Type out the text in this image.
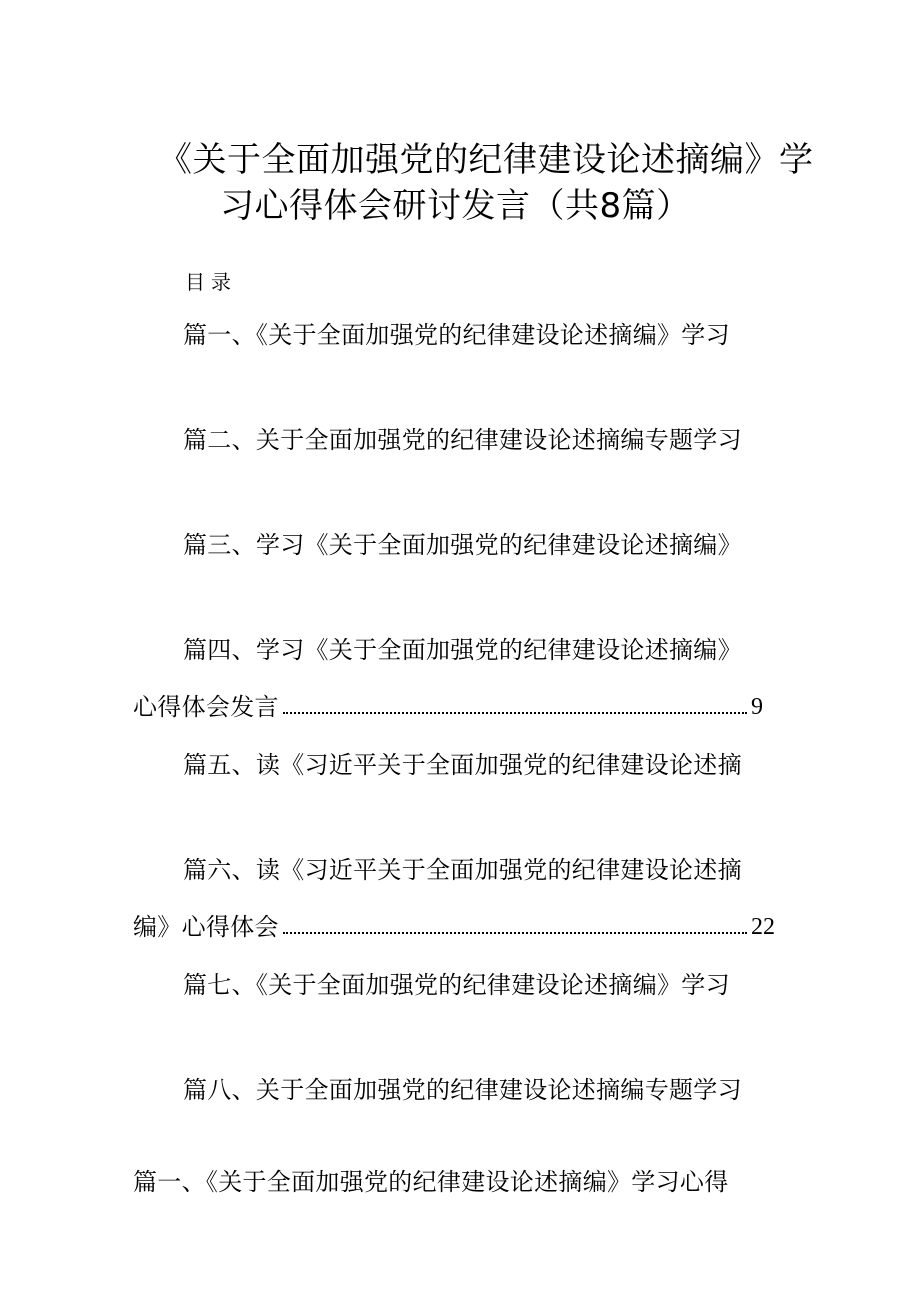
《关于全面加强党的纪律建设论述摘编》学
习心得体会研讨发言（共8篇）
目录
篇一、《关于全面加强党的纪律建设论述摘编》学习
篇二、关于全面加强党的纪律建设论述摘编专题学习
篇三、学习《关于全面加强党的纪律建设论述摘编》
篇四、学习《关于全面加强党的纪律建设论述摘编》
心得体会发言	9
篇五、读《习近平关于全面加强党的纪律建设论述摘
篇六、读《习近平关于全面加强党的纪律建设论述摘
编》心得体会	22
篇七、《关于全面加强党的纪律建设论述摘编》学习
篇八、关于全面加强党的纪律建设论述摘编专题学习
篇一、《关于全面加强党的纪律建设论述摘编》学习心得
